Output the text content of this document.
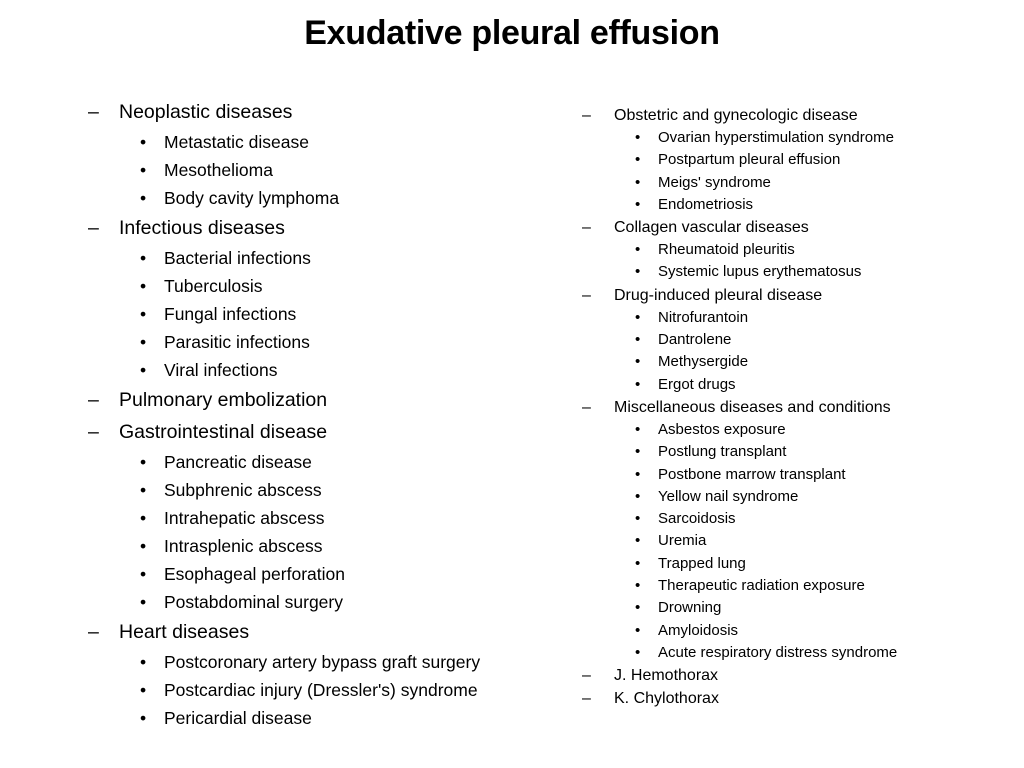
Exudative pleural effusion
– Neoplastic diseases
• Metastatic disease
• Mesothelioma
• Body cavity lymphoma
– Infectious diseases
• Bacterial infections
• Tuberculosis
• Fungal infections
• Parasitic infections
• Viral infections
– Pulmonary embolization
– Gastrointestinal disease
• Pancreatic disease
• Subphrenic abscess
• Intrahepatic abscess
• Intrasplenic abscess
• Esophageal perforation
• Postabdominal surgery
– Heart diseases
• Postcoronary artery bypass graft surgery
• Postcardiac injury (Dressler's) syndrome
• Pericardial disease
– Obstetric and gynecologic disease
• Ovarian hyperstimulation syndrome
• Postpartum pleural effusion
• Meigs' syndrome
• Endometriosis
– Collagen vascular diseases
• Rheumatoid pleuritis
• Systemic lupus erythematosus
– Drug-induced pleural disease
• Nitrofurantoin
• Dantrolene
• Methysergide
• Ergot drugs
– Miscellaneous diseases and conditions
• Asbestos exposure
• Postlung transplant
• Postbone marrow transplant
• Yellow nail syndrome
• Sarcoidosis
• Uremia
• Trapped lung
• Therapeutic radiation exposure
• Drowning
• Amyloidosis
• Acute respiratory distress syndrome
– J. Hemothorax
– K. Chylothorax
